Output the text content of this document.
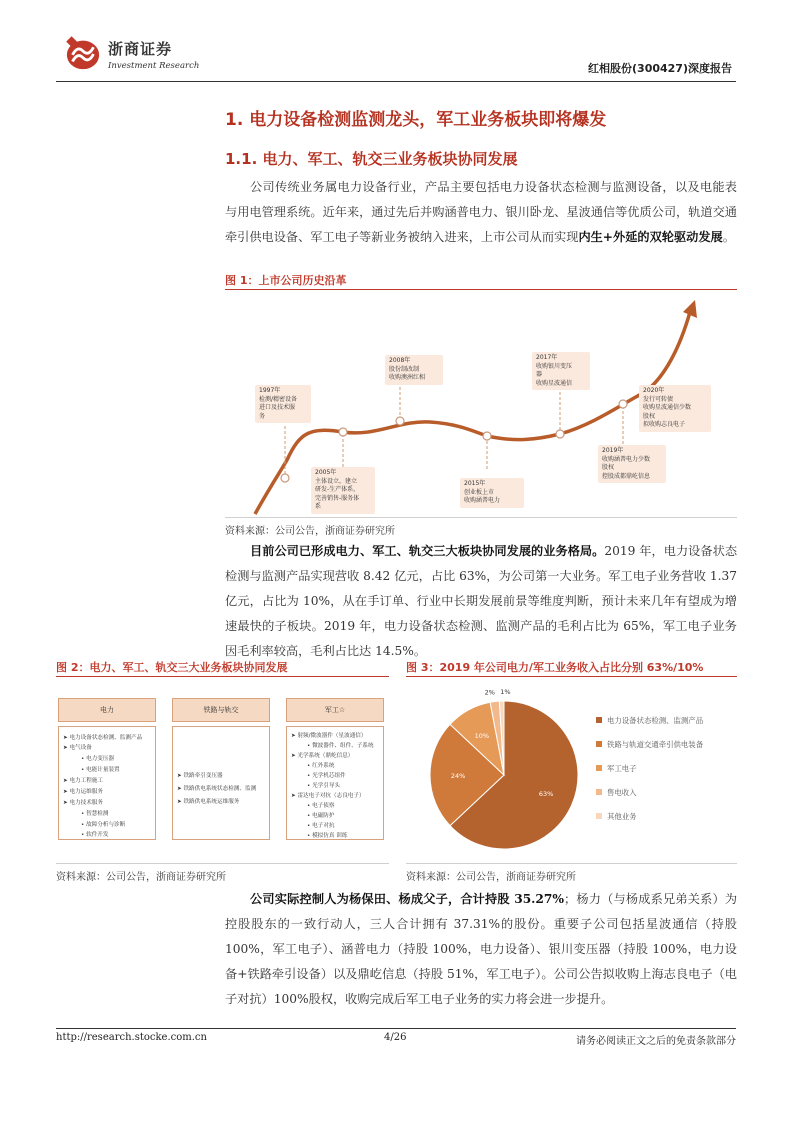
浙商证券
Investment Research	红相股份(300427)深度报告
1. 电力设备检测监测龙头，军工业务板块即将爆发
1.1. 电力、军工、轨交三业务板块协同发展
公司传统业务属电力设备行业，产品主要包括电力设备状态检测与监测设备，以及电能表与用电管理系统。近年来，通过先后并购涵普电力、银川卧龙、星波通信等优质公司，轨道交通牵引供电设备、军工电子等新业务被纳入进来，上市公司从而实现内生+外延的双轮驱动发展。
图 1：上市公司历史沿革
1997年
检测/精密设备
进口及技术服
务
2005年
主体设立，建立
研发-生产体系，
完善销售-服务体
系
2008年
股份制改制
收购澳洲红相
2015年
创业板上市
收购涵普电力
2017年
收购银川变压
器
收购星波通信
2019年
收购涵普电力少数
股权
控股成都鼎屹信息
2020年
发行可转债
收购星波通信少数
股权
拟收购志良电子
资料来源：公司公告，浙商证券研究所
目前公司已形成电力、军工、轨交三大板块协同发展的业务格局。2019 年，电力设备状态检测与监测产品实现营收 8.42 亿元，占比 63%，为公司第一大业务。军工电子业务营收 1.37 亿元，占比为 10%，从在手订单、行业中长期发展前景等维度判断，预计未来几年有望成为增速最快的子板块。2019 年，电力设备状态检测、监测产品的毛利占比为 65%，军工电子业务因毛利率较高，毛利占比达 14.5%。
图 2：电力、军工、轨交三大业务板块协同发展
电力	铁路与轨交	军工☆
➤ 电力设备状态检测、监测产品
➤ 电气设备
• 电力变压器
• 电能计量装置
➤ 电力工程施工
➤ 电力运维服务
➤ 电力技术服务
• 智慧检测
• 故障分析与诊断
• 软件开发
➤ 铁路牵引变压器
➤ 铁路供电系统状态检测、监测
➤ 铁路供电系统运维服务
➤ 射频/微波器件（星波通信）
• 微波器件、组件、子系统
➤ 光学系统（鼎屹信息）
• 红外系统
• 光学机芯组件
• 光学引导头
➤ 雷达电子对抗（志良电子）
• 电子侦察
• 电磁防护
• 电子对抗
• 模拟仿真 训练
资料来源：公司公告，浙商证券研究所
图 3：2019 年公司电力/军工业务收入占比分别 63%/10%
63%
24%
10%
2% 1%
电力设备状态检测、监测产品
铁路与轨道交通牵引供电装备
军工电子
售电收入
其他业务
资料来源：公司公告，浙商证券研究所
公司实际控制人为杨保田、杨成父子，合计持股 35.27%；杨力（与杨成系兄弟关系）为控股股东的一致行动人，三人合计拥有 37.31%的股份。重要子公司包括星波通信（持股 100%，军工电子）、涵普电力（持股 100%，电力设备）、银川变压器（持股 100%，电力设备+铁路牵引设备）以及鼎屹信息（持股 51%，军工电子）。公司公告拟收购上海志良电子（电子对抗）100%股权，收购完成后军工电子业务的实力将会进一步提升。
http://research.stocke.com.cn	4/26	请务必阅读正文之后的免责条款部分
